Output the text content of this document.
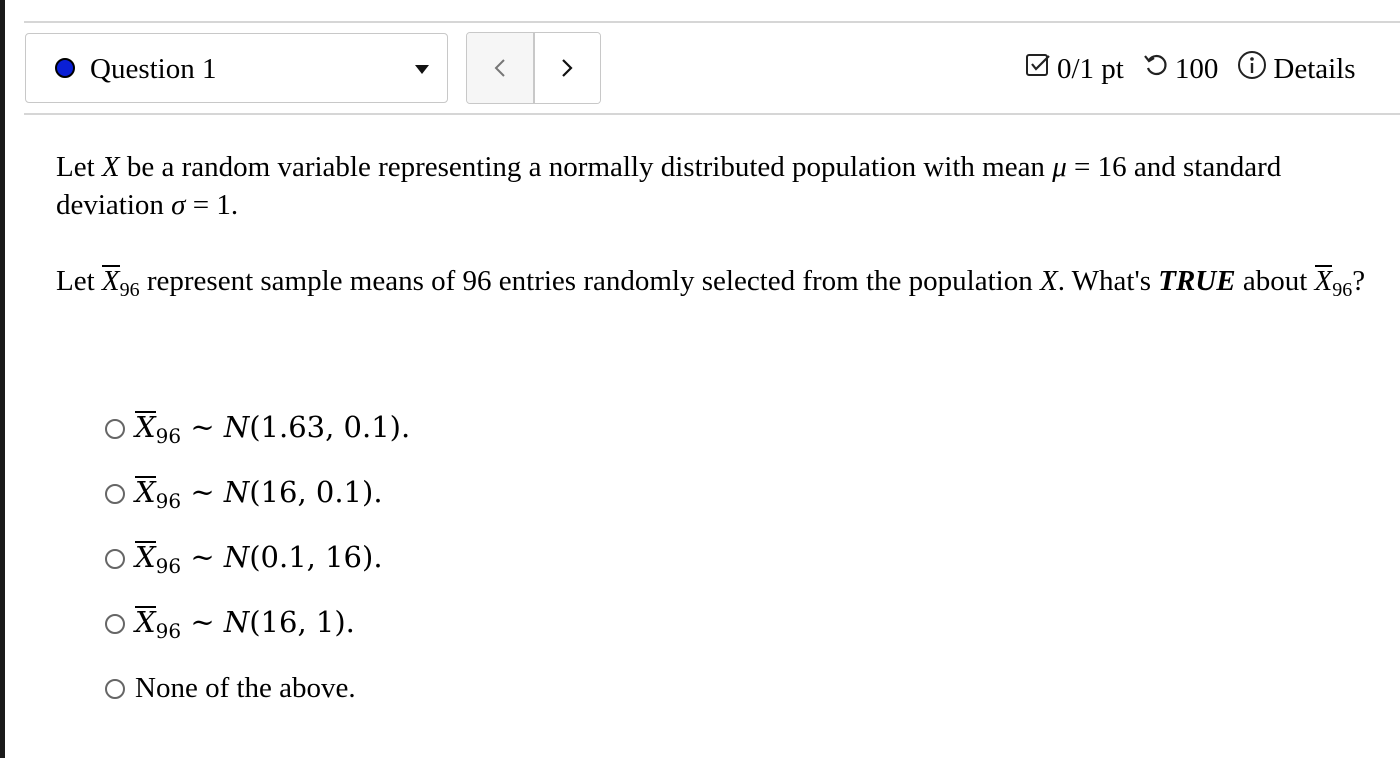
Question 1	0/1 pt 100 Details

Let X be a random variable representing a normally distributed population with mean μ = 16 and standard deviation σ = 1.

Let $X_{96}$ represent sample means of 96 entries randomly selected from the population X. What's TRUE about $X_{96}$?

$X_{96}$ ~ N(1.63, 0.1).
$X_{96}$ ~ N(16, 0.1).
$X_{96}$ ~ N(0.1, 16).
$X_{96}$ ~ N(16, 1).
None of the above.
